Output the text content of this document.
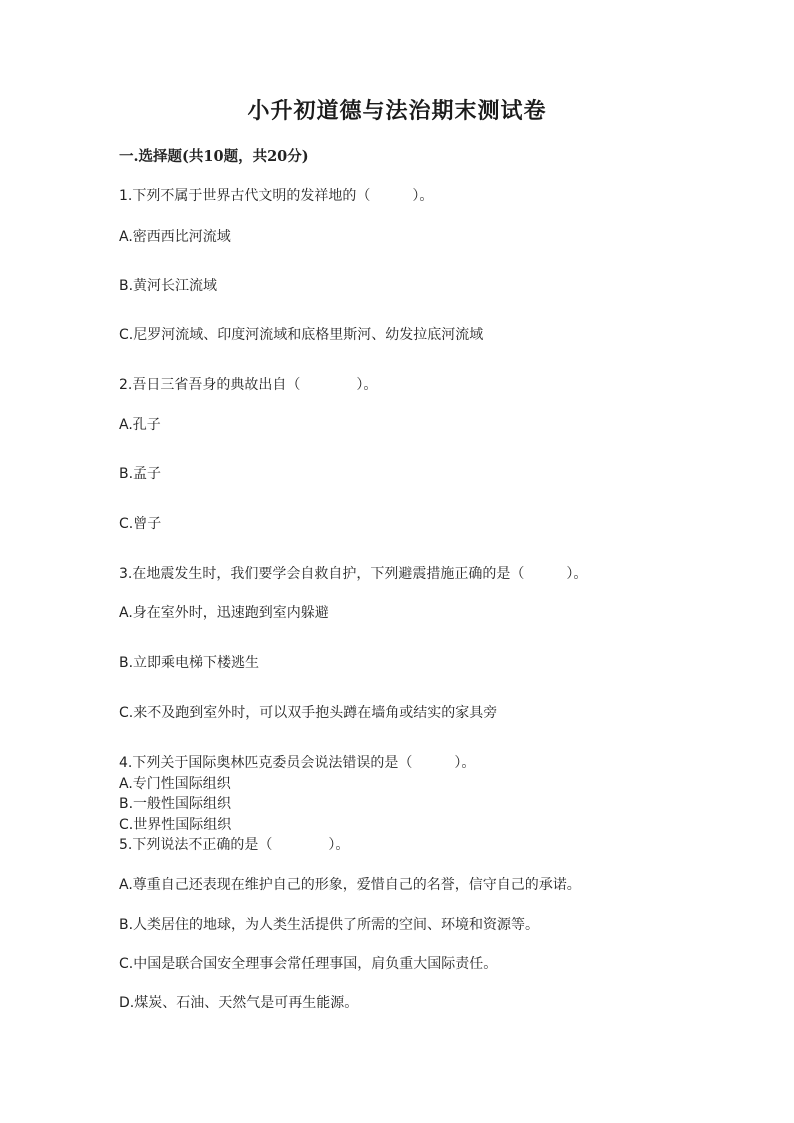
小升初道德与法治期末测试卷
一.选择题(共10题，共20分)
1.下列不属于世界古代文明的发祥地的（　　　）。
A.密西西比河流域
B.黄河长江流域
C.尼罗河流域、印度河流域和底格里斯河、幼发拉底河流域
2.吾日三省吾身的典故出自（　　　　）。
A.孔子
B.孟子
C.曾子
3.在地震发生时，我们要学会自救自护，下列避震措施正确的是（　　　）。
A.身在室外时，迅速跑到室内躲避
B.立即乘电梯下楼逃生
C.来不及跑到室外时，可以双手抱头蹲在墙角或结实的家具旁
4.下列关于国际奥林匹克委员会说法错误的是（　　　）。
A.专门性国际组织
B.一般性国际组织
C.世界性国际组织
5.下列说法不正确的是（　　　　）。
A.尊重自己还表现在维护自己的形象，爱惜自己的名誉，信守自己的承诺。
B.人类居住的地球，为人类生活提供了所需的空间、环境和资源等。
C.中国是联合国安全理事会常任理事国，肩负重大国际责任。
D.煤炭、石油、天然气是可再生能源。
